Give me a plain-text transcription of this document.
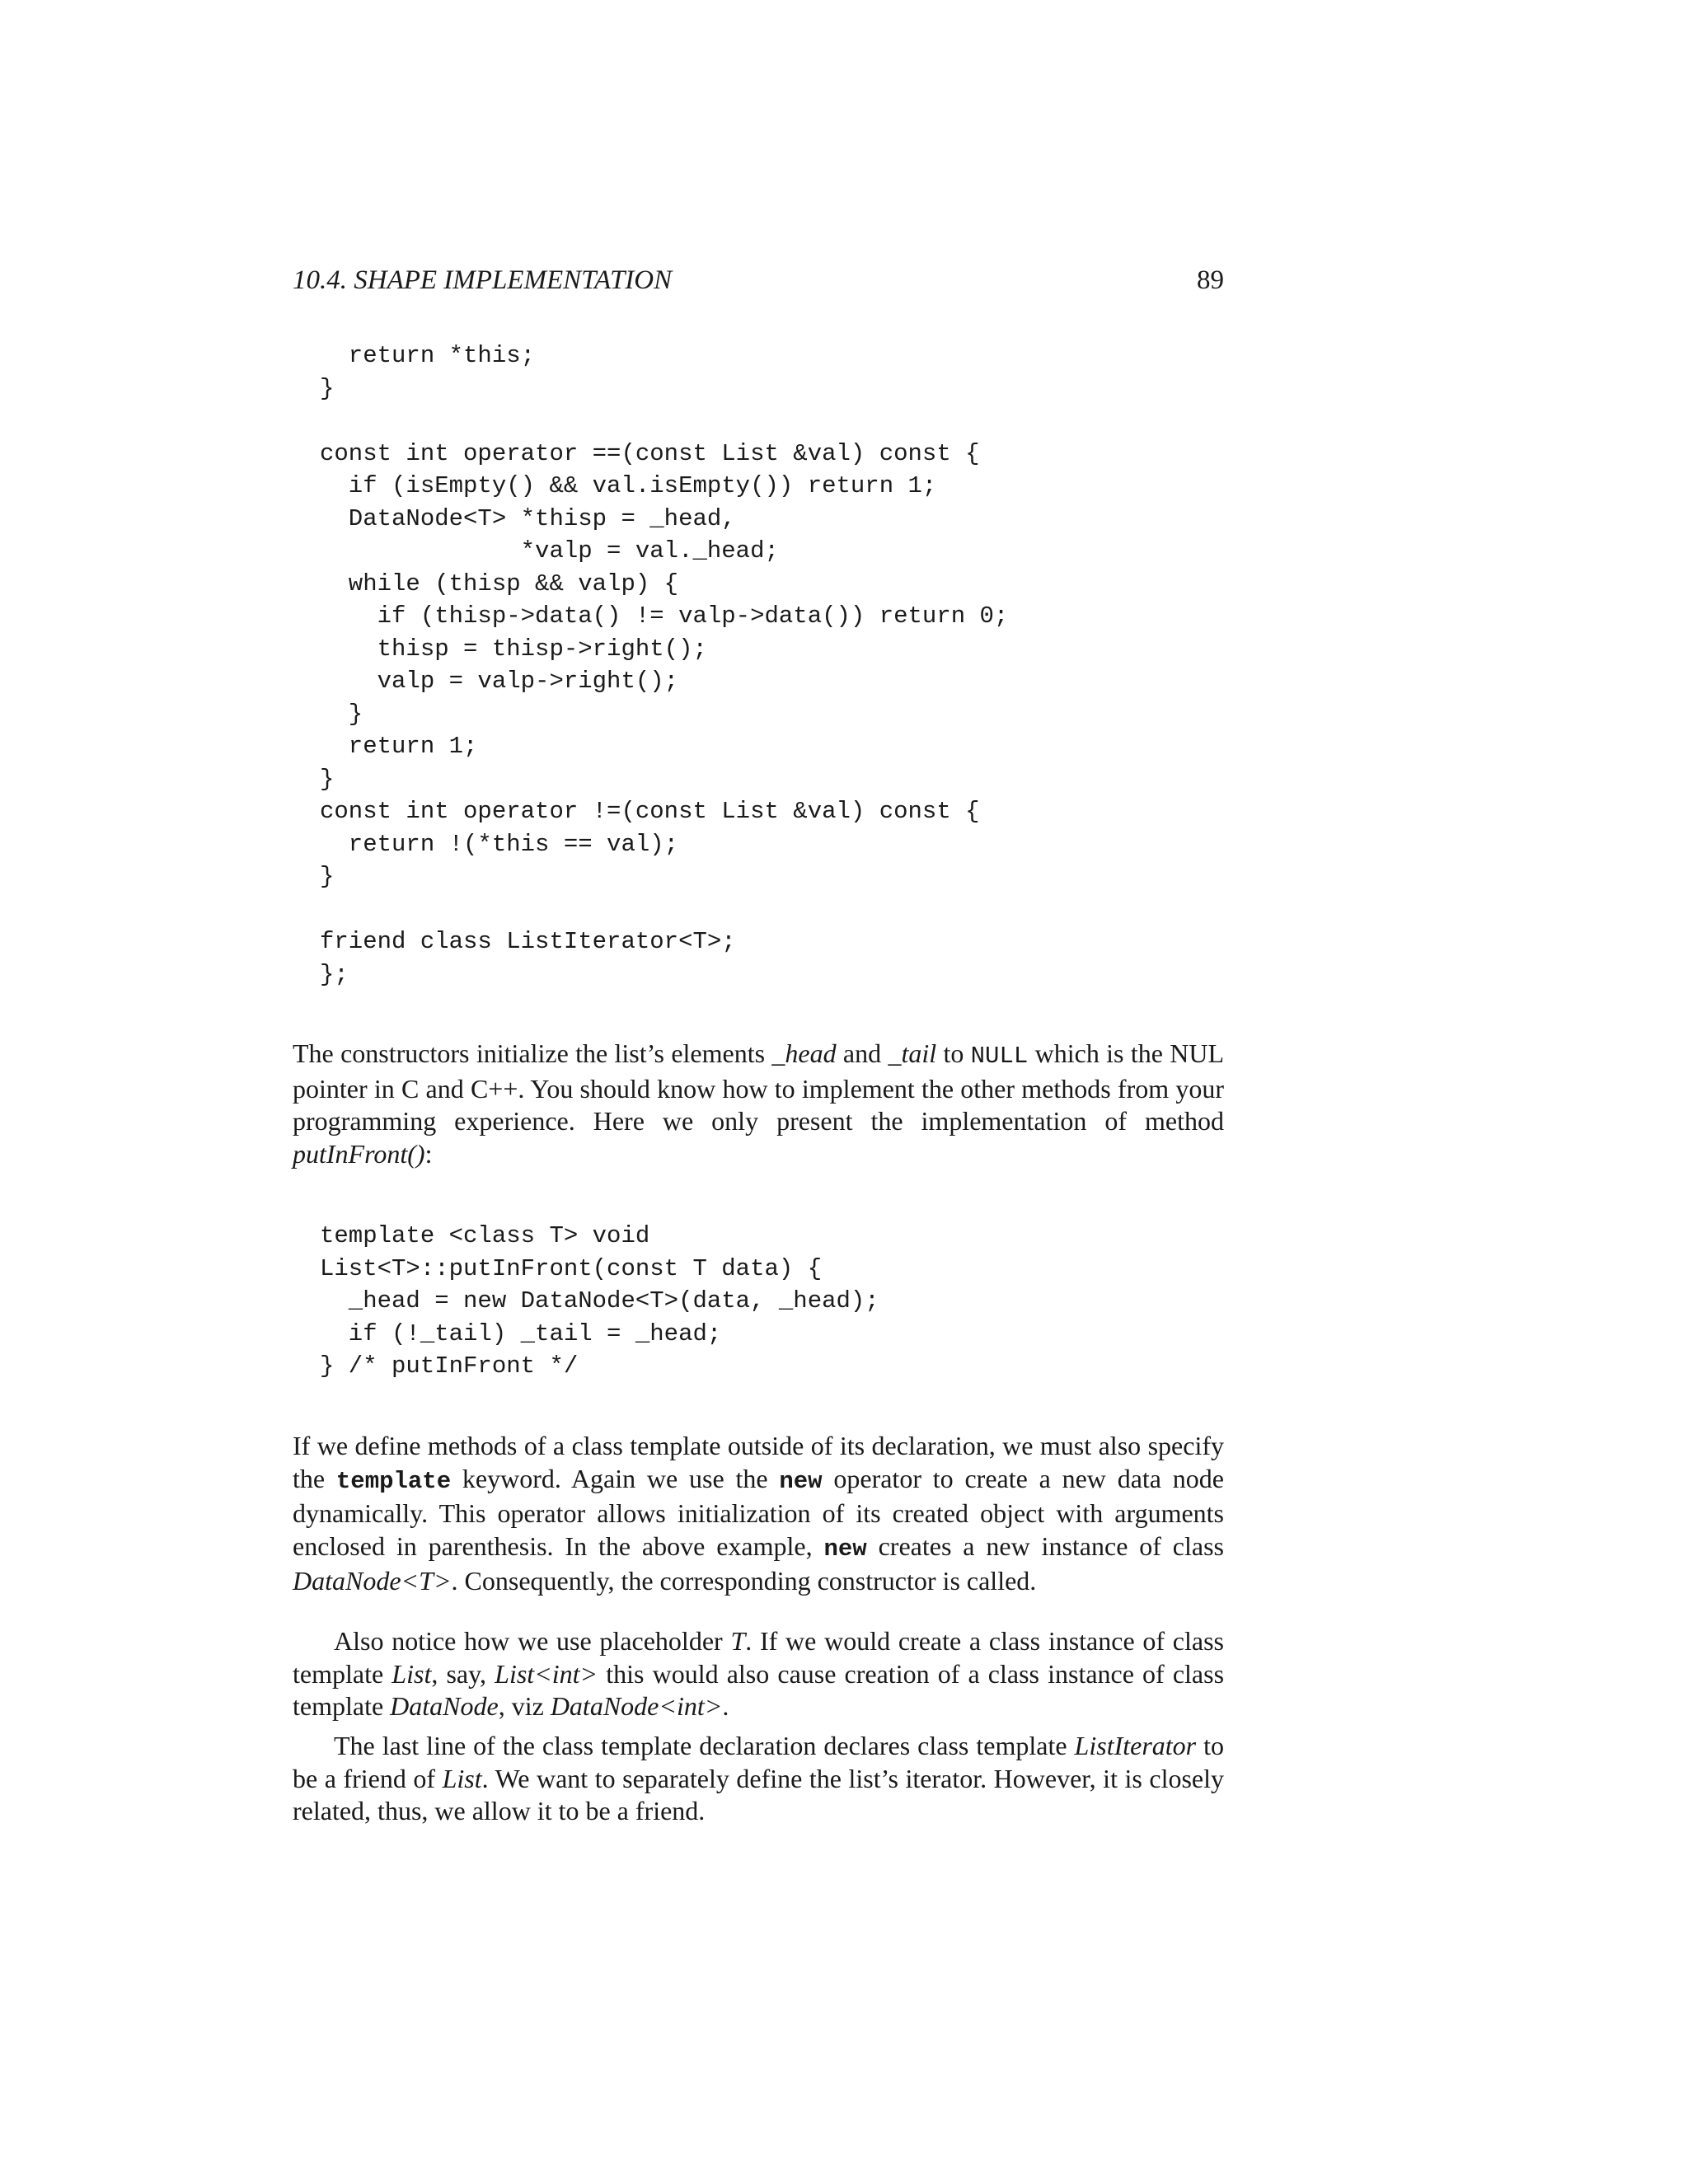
10.4. SHAPE IMPLEMENTATION	89
return *this;
}
const int operator ==(const List &val) const {
if (isEmpty() && val.isEmpty()) return 1;
DataNode<T> *thisp = _head,
*valp = val._head;
while (thisp && valp) {
if (thisp->data() != valp->data()) return 0;
thisp = thisp->right();
valp = valp->right();
}
return 1;
}
const int operator !=(const List &val) const {
return !(*this == val);
}
friend class ListIterator<T>;
};

The constructors initialize the list’s elements _head and _tail to NULL which is the NUL pointer in C and C++. You should know how to implement the other methods from your programming experience. Here we only present the implementation of method putInFront():

template <class T> void
List<T>::putInFront(const T data) {
_head = new DataNode<T>(data, _head);
if (!_tail) _tail = _head;
} /* putInFront */

If we define methods of a class template outside of its declaration, we must also specify the template keyword. Again we use the new operator to create a new data node dynamically. This operator allows initialization of its created object with arguments enclosed in parenthesis. In the above example, new creates a new instance of class DataNode<T>. Consequently, the corresponding constructor is called.

Also notice how we use placeholder T. If we would create a class instance of class template List, say, List<int> this would also cause creation of a class instance of class template DataNode, viz DataNode<int>.

The last line of the class template declaration declares class template ListIterator to be a friend of List. We want to separately define the list’s iterator. However, it is closely related, thus, we allow it to be a friend.
